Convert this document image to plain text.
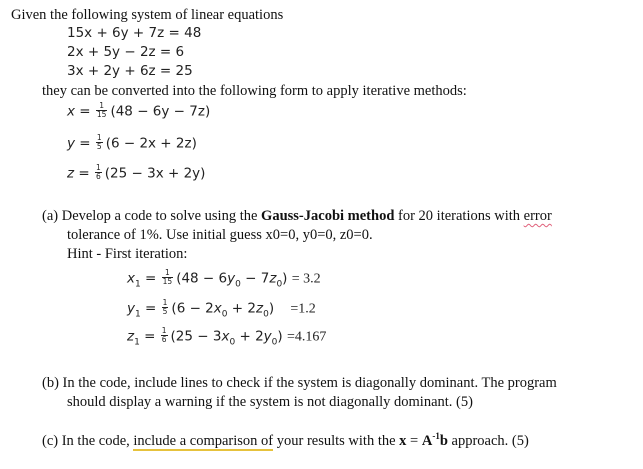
Given the following system of linear equations
15x + 6y + 7z = 48
2x + 5y − 2z = 6
3x + 2y + 6z = 25
they can be converted into the following form to apply iterative methods:
$x = \frac{1}{15} (48 - 6y - 7z)$
$y = \frac{1}{5} (6 - 2x + 2z)$
$z = \frac{1}{6} (25 - 3x + 2y)$
(a) Develop a code to solve using the Gauss-Jacobi method for 20 iterations with error
tolerance of 1%. Use initial guess x0=0, y0=0, z0=0.
Hint - First iteration:
$x_1 = \frac{1}{15} (48 - 6y_0 - 7z_0) = 3.2$
$y_1 = \frac{1}{5} (6 - 2x_0 + 2z_0) =1.2$
$z_1 = \frac{1}{6} (25 - 3x_0 + 2y_0) =4.167$
(b) In the code, include lines to check if the system is diagonally dominant. The program
should display a warning if the system is not diagonally dominant. (5)
(c) In the code, include a comparison of your results with the $x = A^{-1}b$ approach. (5)
